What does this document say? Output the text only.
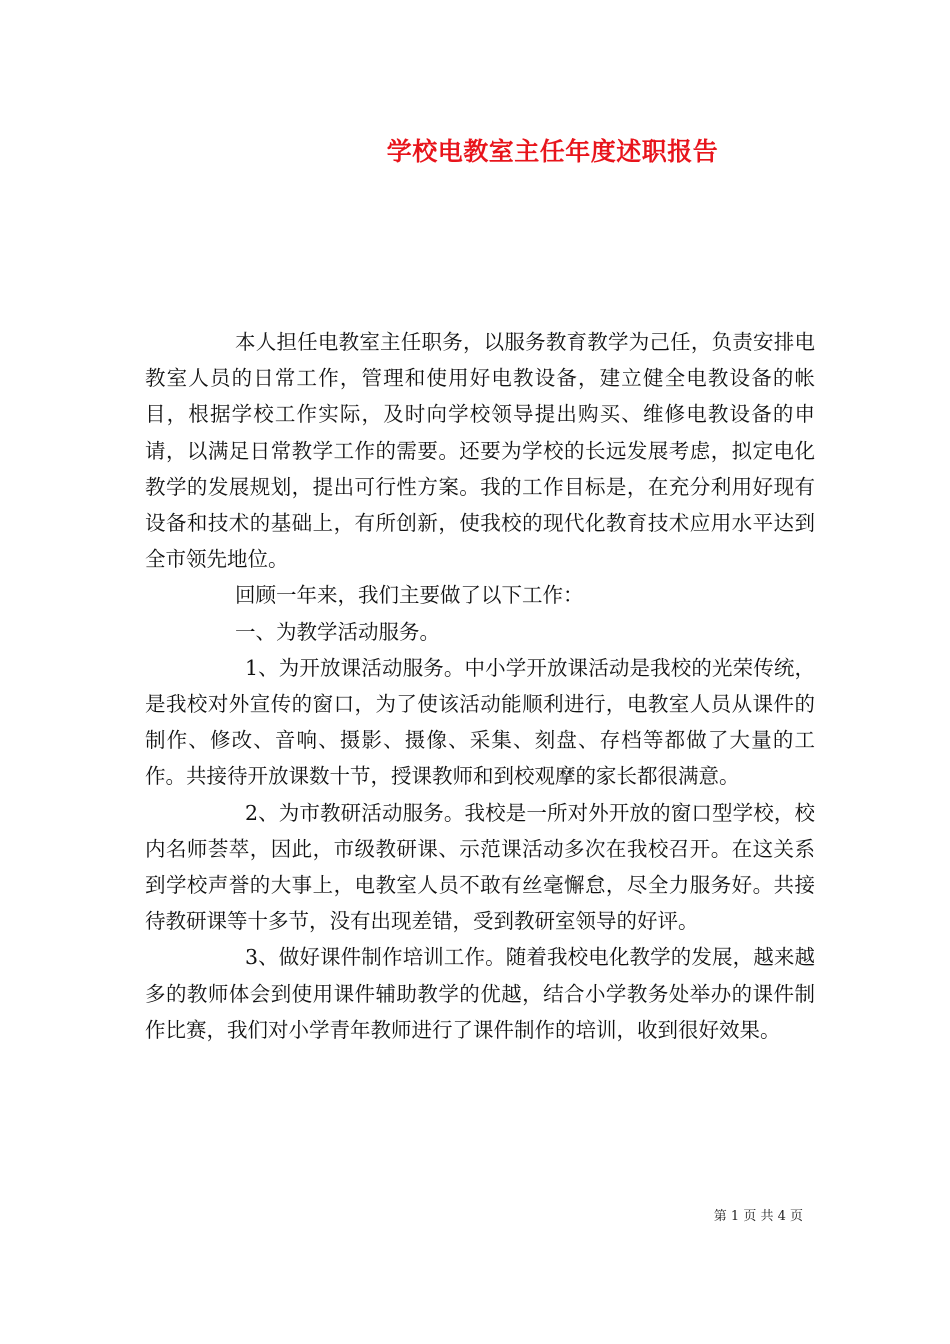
学校电教室主任年度述职报告

本人担任电教室主任职务，以服务教育教学为己任，负责安排电教室人员的日常工作，管理和使用好电教设备，建立健全电教设备的帐目，根据学校工作实际，及时向学校领导提出购买、维修电教设备的申请，以满足日常教学工作的需要。还要为学校的长远发展考虑，拟定电化教学的发展规划，提出可行性方案。我的工作目标是，在充分利用好现有设备和技术的基础上，有所创新，使我校的现代化教育技术应用水平达到全市领先地位。

回顾一年来，我们主要做了以下工作：

一、为教学活动服务。

1、为开放课活动服务。中小学开放课活动是我校的光荣传统，是我校对外宣传的窗口，为了使该活动能顺利进行，电教室人员从课件的制作、修改、音响、摄影、摄像、采集、刻盘、存档等都做了大量的工作。共接待开放课数十节，授课教师和到校观摩的家长都很满意。

2、为市教研活动服务。我校是一所对外开放的窗口型学校，校内名师荟萃，因此，市级教研课、示范课活动多次在我校召开。在这关系到学校声誉的大事上，电教室人员不敢有丝毫懈怠，尽全力服务好。共接待教研课等十多节，没有出现差错，受到教研室领导的好评。

3、做好课件制作培训工作。随着我校电化教学的发展，越来越多的教师体会到使用课件辅助教学的优越，结合小学教务处举办的课件制作比赛，我们对小学青年教师进行了课件制作的培训，收到很好效果。

第 1 页 共 4 页
